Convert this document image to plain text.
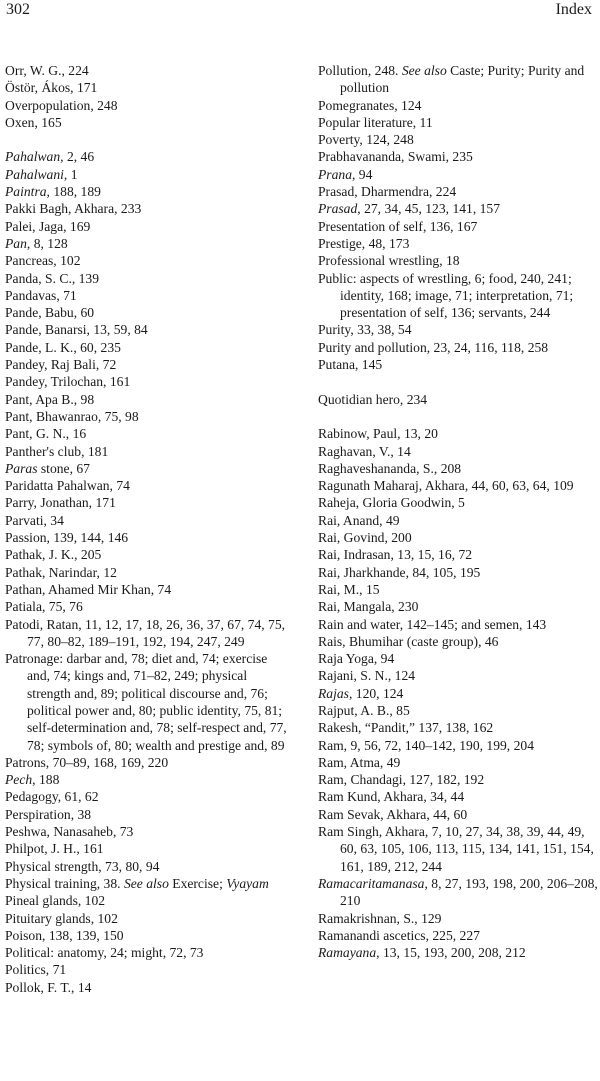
302	Index

Orr, W. G., 224

Östör, Ákos, 171

Overpopulation, 248

Oxen, 165

Pahalwan, 2, 46

Pahalwani, 1

Paintra, 188, 189

Pakki Bagh, Akhara, 233

Palei, Jaga, 169

Pan, 8, 128

Pancreas, 102

Panda, S. C., 139

Pandavas, 71

Pande, Babu, 60

Pande, Banarsi, 13, 59, 84

Pande, L. K., 60, 235

Pandey, Raj Bali, 72

Pandey, Trilochan, 161

Pant, Apa B., 98

Pant, Bhawanrao, 75, 98

Pant, G. N., 16

Panther's club, 181

Paras stone, 67

Paridatta Pahalwan, 74

Parry, Jonathan, 171

Parvati, 34

Passion, 139, 144, 146

Pathak, J. K., 205

Pathak, Narindar, 12

Pathan, Ahamed Mir Khan, 74

Patiala, 75, 76

Patodi, Ratan, 11, 12, 17, 18, 26, 36, 37, 67, 74, 75, 77, 80–82, 189–191, 192, 194, 247, 249

Patronage: darbar and, 78; diet and, 74; exercise and, 74; kings and, 71–82, 249; physical strength and, 89; political discourse and, 76; political power and, 80; public identity, 75, 81; self-determination and, 78; self-respect and, 77, 78; symbols of, 80; wealth and prestige and, 89

Patrons, 70–89, 168, 169, 220

Pech, 188

Pedagogy, 61, 62

Perspiration, 38

Peshwa, Nanasaheb, 73

Philpot, J. H., 161

Physical strength, 73, 80, 94

Physical training, 38. See also Exercise; Vyayam

Pineal glands, 102

Pituitary glands, 102

Poison, 138, 139, 150

Political: anatomy, 24; might, 72, 73

Politics, 71

Pollok, F. T., 14

Pollution, 248. See also Caste; Purity; Purity and pollution

Pomegranates, 124

Popular literature, 11

Poverty, 124, 248

Prabhavananda, Swami, 235

Prana, 94

Prasad, Dharmendra, 224

Prasad, 27, 34, 45, 123, 141, 157

Presentation of self, 136, 167

Prestige, 48, 173

Professional wrestling, 18

Public: aspects of wrestling, 6; food, 240, 241; identity, 168; image, 71; interpretation, 71; presentation of self, 136; servants, 244

Purity, 33, 38, 54

Purity and pollution, 23, 24, 116, 118, 258

Putana, 145

Quotidian hero, 234

Rabinow, Paul, 13, 20

Raghavan, V., 14

Raghaveshananda, S., 208

Ragunath Maharaj, Akhara, 44, 60, 63, 64, 109

Raheja, Gloria Goodwin, 5

Rai, Anand, 49

Rai, Govind, 200

Rai, Indrasan, 13, 15, 16, 72

Rai, Jharkhande, 84, 105, 195

Rai, M., 15

Rai, Mangala, 230

Rain and water, 142–145; and semen, 143

Rais, Bhumihar (caste group), 46

Raja Yoga, 94

Rajani, S. N., 124

Rajas, 120, 124

Rajput, A. B., 85

Rakesh, “Pandit,” 137, 138, 162

Ram, 9, 56, 72, 140–142, 190, 199, 204

Ram, Atma, 49

Ram, Chandagi, 127, 182, 192

Ram Kund, Akhara, 34, 44

Ram Sevak, Akhara, 44, 60

Ram Singh, Akhara, 7, 10, 27, 34, 38, 39, 44, 49, 60, 63, 105, 106, 113, 115, 134, 141, 151, 154, 161, 189, 212, 244

Ramacaritamanasa, 8, 27, 193, 198, 200, 206–208, 210

Ramakrishnan, S., 129

Ramanandi ascetics, 225, 227

Ramayana, 13, 15, 193, 200, 208, 212
